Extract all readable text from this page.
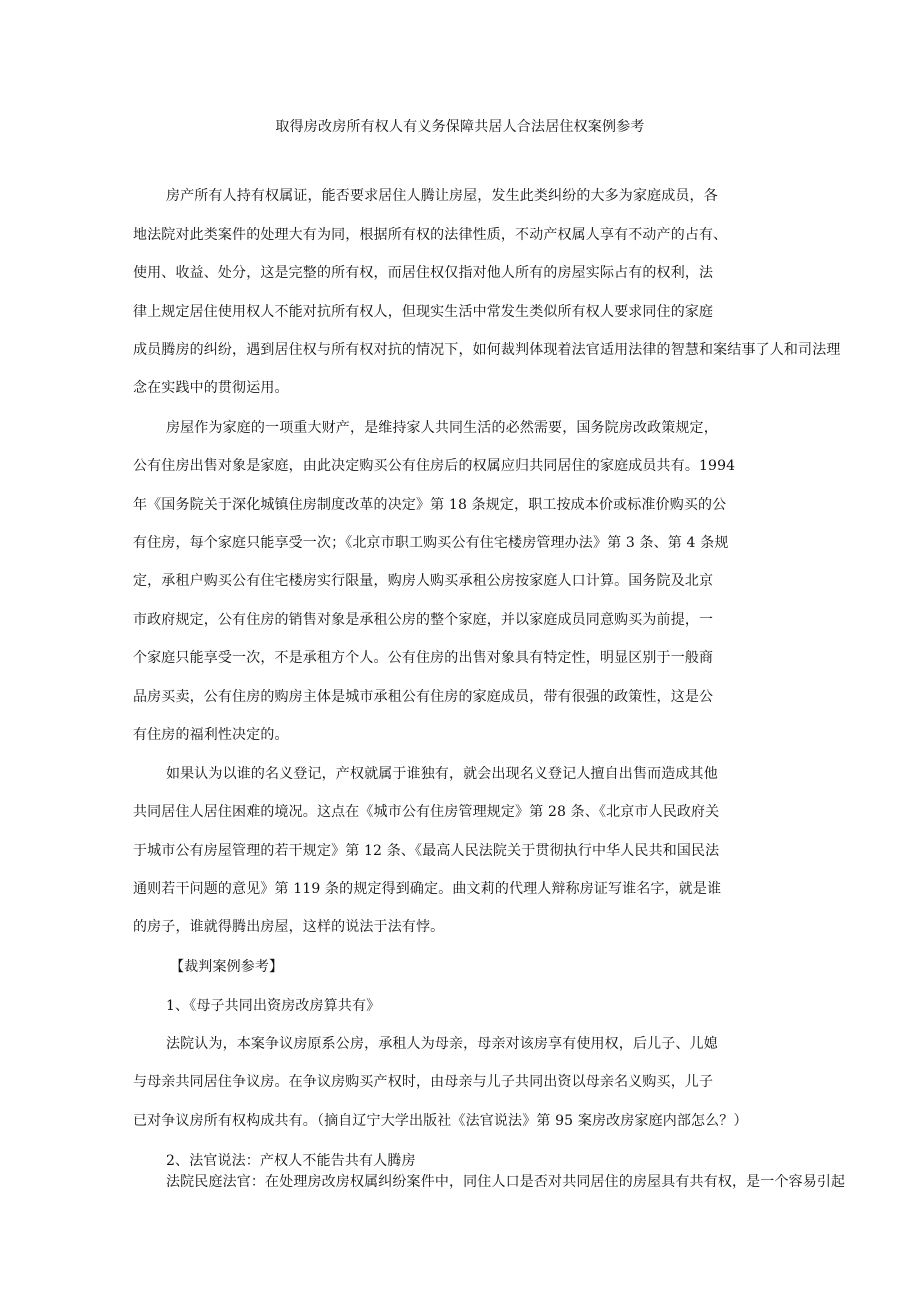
取得房改房所有权人有义务保障共居人合法居住权案例参考
房产所有人持有权属证，能否要求居住人腾让房屋，发生此类纠纷的大多为家庭成员，各
地法院对此类案件的处理大有为同，根据所有权的法律性质，不动产权属人享有不动产的占有、
使用、收益、处分，这是完整的所有权，而居住权仅指对他人所有的房屋实际占有的权利，法
律上规定居住使用权人不能对抗所有权人，但现实生活中常发生类似所有权人要求同住的家庭
成员腾房的纠纷，遇到居住权与所有权对抗的情况下，如何裁判体现着法官适用法律的智慧和案结事了人和司法理
念在实践中的贯彻运用。
房屋作为家庭的一项重大财产，是维持家人共同生活的必然需要，国务院房改政策规定，
公有住房出售对象是家庭，由此决定购买公有住房后的权属应归共同居住的家庭成员共有。1994
年《国务院关于深化城镇住房制度改革的决定》第 18 条规定，职工按成本价或标准价购买的公
有住房，每个家庭只能享受一次；《北京市职工购买公有住宅楼房管理办法》第 3 条、第 4 条规
定，承租户购买公有住宅楼房实行限量，购房人购买承租公房按家庭人口计算。国务院及北京
市政府规定，公有住房的销售对象是承租公房的整个家庭，并以家庭成员同意购买为前提，一
个家庭只能享受一次，不是承租方个人。公有住房的出售对象具有特定性，明显区别于一般商
品房买卖，公有住房的购房主体是城市承租公有住房的家庭成员，带有很强的政策性，这是公
有住房的福利性决定的。
如果认为以谁的名义登记，产权就属于谁独有，就会出现名义登记人擅自出售而造成其他
共同居住人居住困难的境况。这点在《城市公有住房管理规定》第 28 条、《北京市人民政府关
于城市公有房屋管理的若干规定》第 12 条、《最高人民法院关于贯彻执行中华人民共和国民法
通则若干问题的意见》第 119 条的规定得到确定。曲文莉的代理人辩称房证写谁名字，就是谁
的房子，谁就得腾出房屋，这样的说法于法有悖。
【裁判案例参考】
1、《母子共同出资房改房算共有》
法院认为，本案争议房原系公房，承租人为母亲，母亲对该房享有使用权，后儿子、儿媳
与母亲共同居住争议房。在争议房购买产权时，由母亲与儿子共同出资以母亲名义购买，儿子
已对争议房所有权构成共有。（摘自辽宁大学出版社《法官说法》第 95 案房改房家庭内部怎么？）
2、法官说法：产权人不能告共有人腾房
法院民庭法官：在处理房改房权属纠纷案件中，同住人口是否对共同居住的房屋具有共有权，是一个容易引起
